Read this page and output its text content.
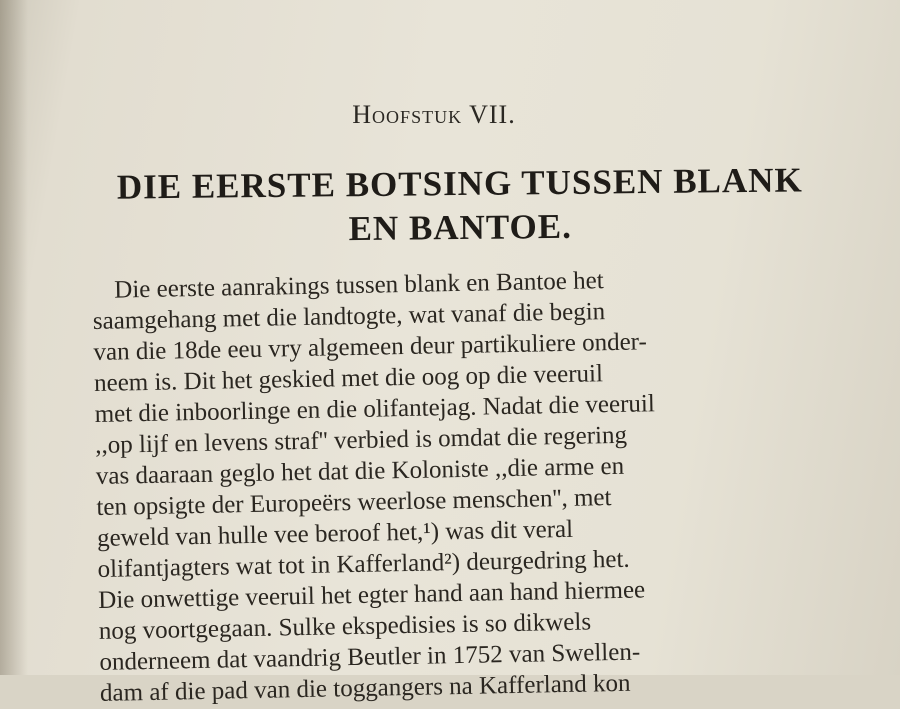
Hoofstuk VII.
DIE EERSTE BOTSING TUSSEN BLANK
EN BANTOE.
Die eerste aanrakings tussen blank en Bantoe het
saamgehang met die landtogte, wat vanaf die begin
van die 18de eeu vry algemeen deur partikuliere onder-
neem is. Dit het geskied met die oog op die veeruil
met die inboorlinge en die olifantejag. Nadat die veeruil
,,op lijf en levens straf'' verbied is omdat die regering
vas daaraan geglo het dat die Koloniste ,,die arme en
ten opsigte der Europeërs weerlose menschen'', met
geweld van hulle vee beroof het,¹) was dit veral
olifantjagters wat tot in Kafferland²) deurgedring het.
Die onwettige veeruil het egter hand aan hand hiermee
nog voortgegaan. Sulke ekspedisies is so dikwels
onderneem dat vaandrig Beutler in 1752 van Swellen-
dam af die pad van die toggangers na Kafferland kon
